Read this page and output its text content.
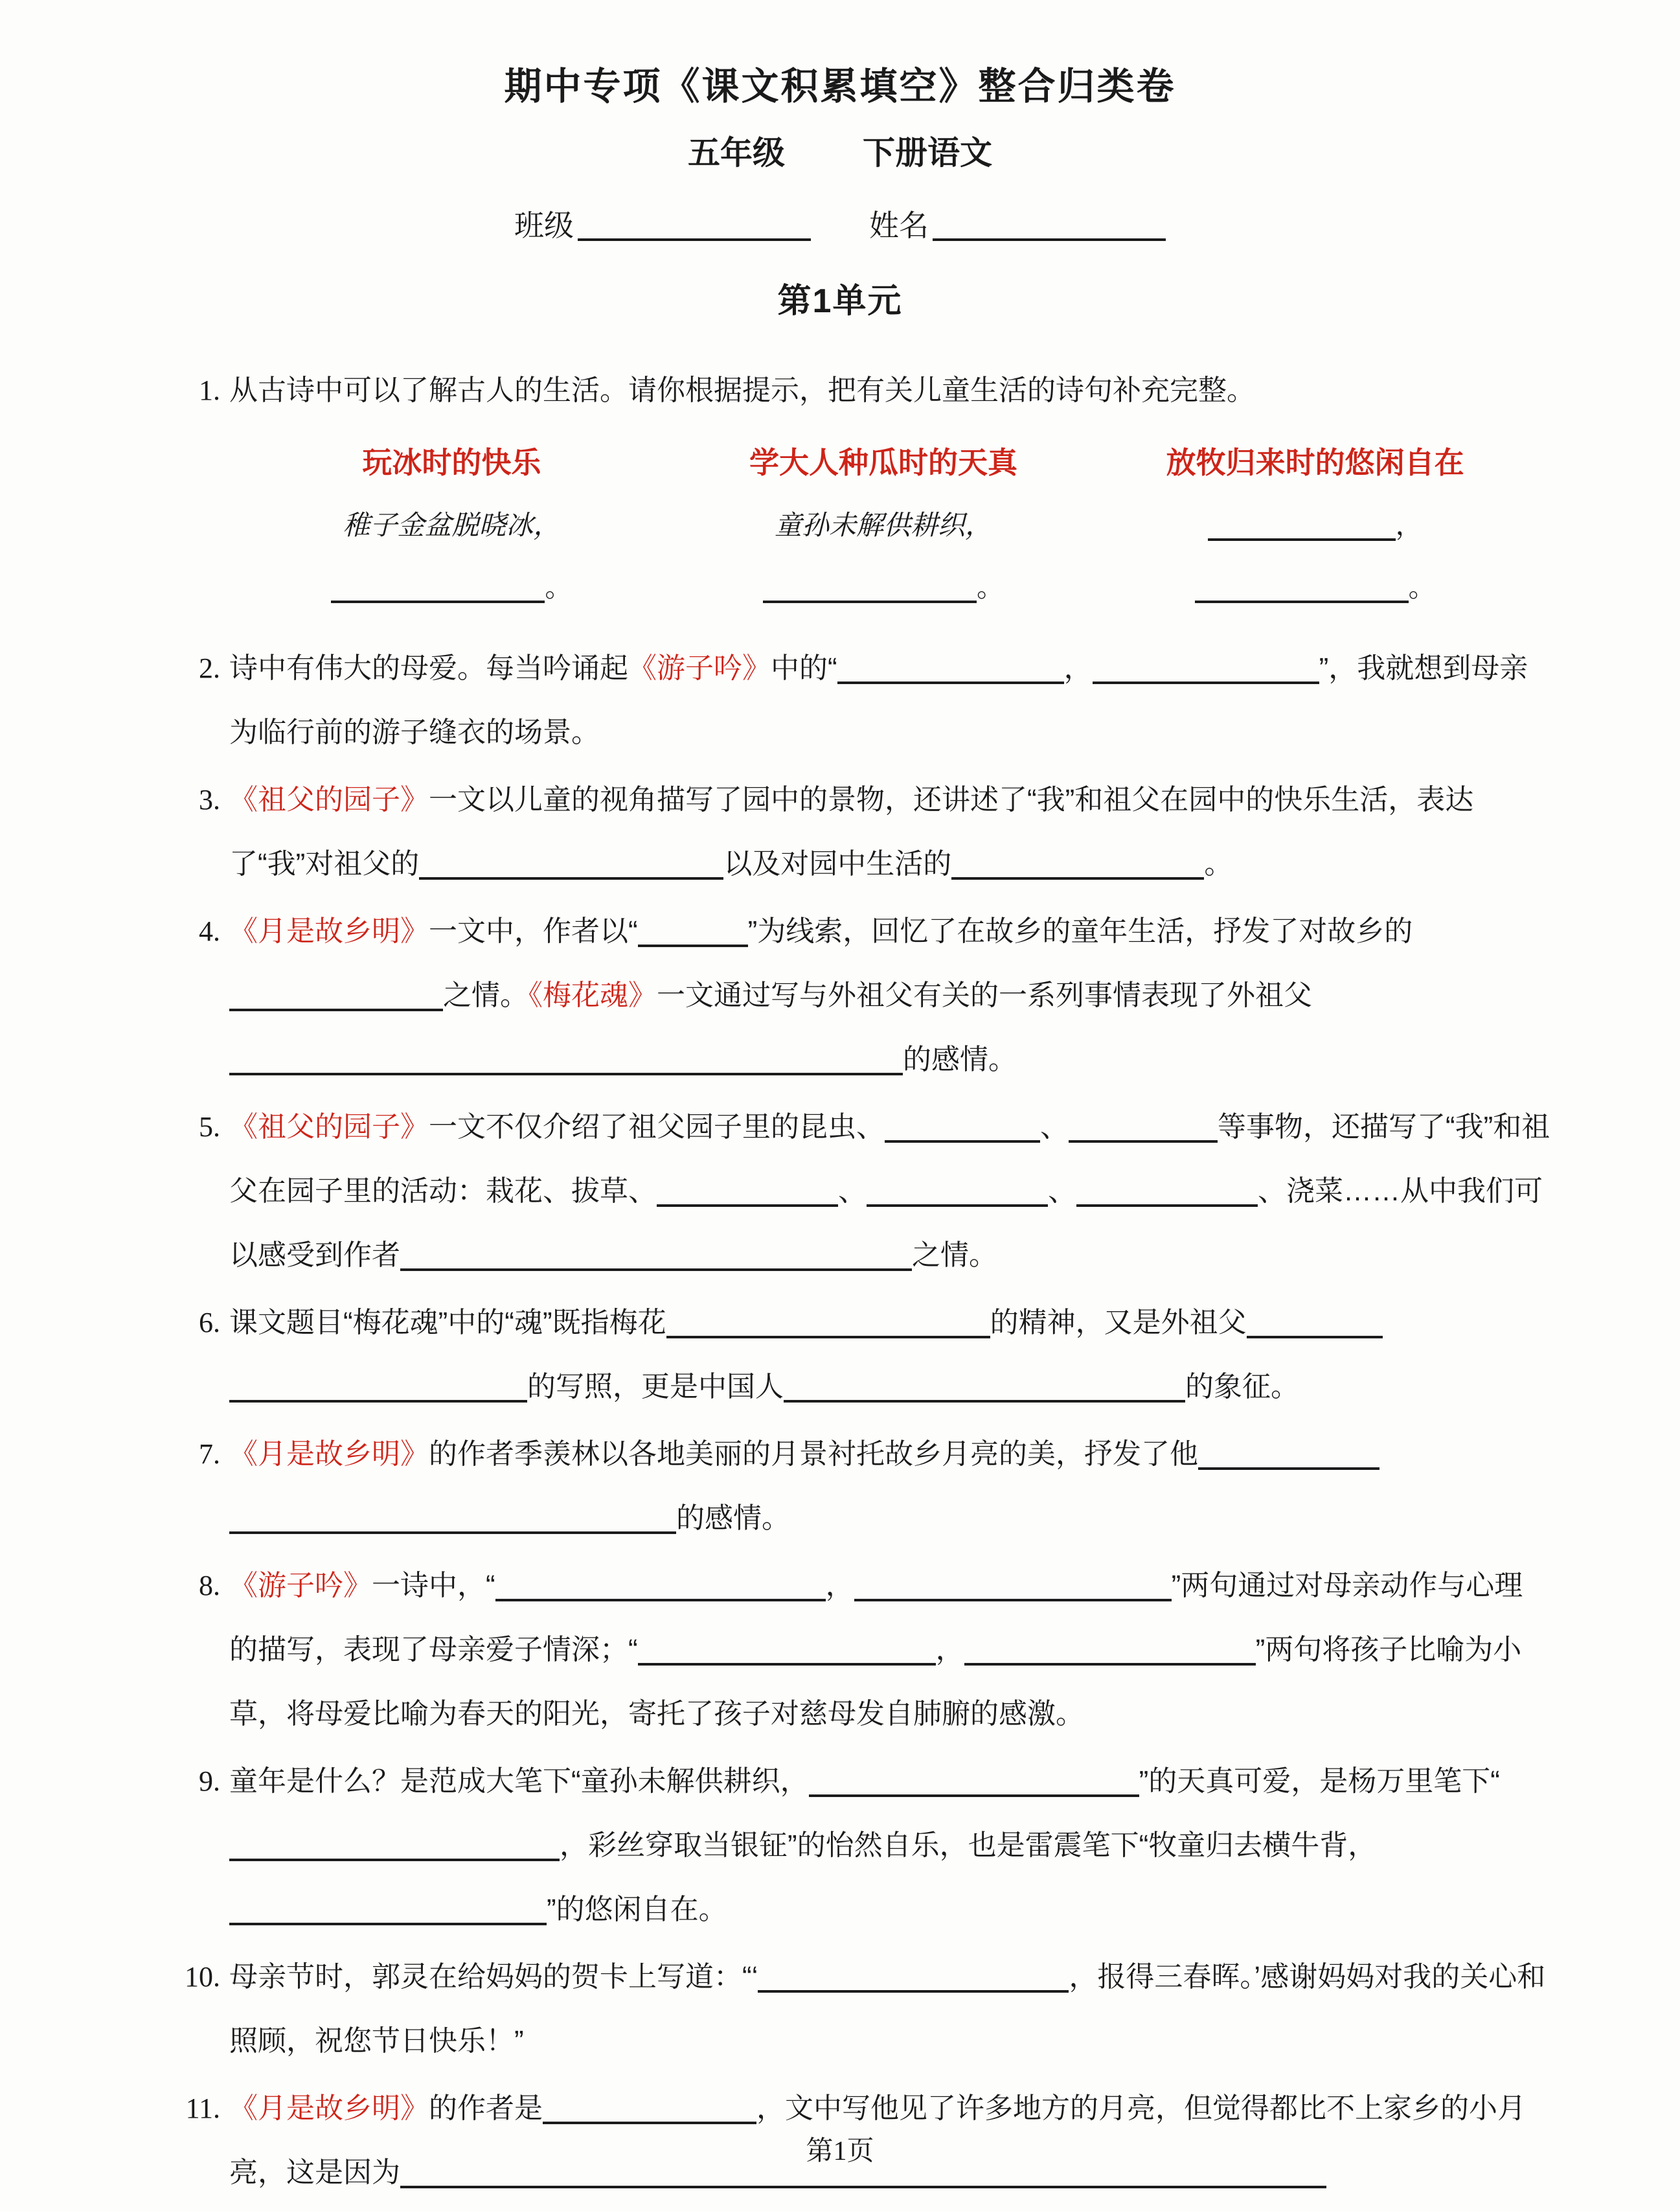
期中专项《课文积累填空》整合归类卷
五年级 下册语文
班级	姓名
第1单元
1. 从古诗中可以了解古人的生活。请你根据提示，把有关儿童生活的诗句补充完整。
玩冰时的快乐	学大人种瓜时的天真	放牧归来时的悠闲自在
稚子金盆脱晓冰，	童孙未解供耕织，	，
。	。	。
2. 诗中有伟大的母爱。每当吟诵起《游子吟》中的“	，	”，我就想到母亲为临行前的游子缝衣的场景。
3. 《祖父的园子》一文以儿童的视角描写了园中的景物，还讲述了“我”和祖父在园中的快乐生活，表达了“我”对祖父的	以及对园中生活的	。
4. 《月是故乡明》一文中，作者以“	”为线索，回忆了在故乡的童年生活，抒发了对故乡的之情。《梅花魂》一文通过写与外祖父有关的一系列事情表现了外祖父的感情。
5. 《祖父的园子》一文不仅介绍了祖父园子里的昆虫、	、	等事物，还描写了“我”和祖父在园子里的活动：栽花、拔草、	、	、	、浇菜……从中我们可以感受到作者	之情。
6. 课文题目“梅花魂”中的“魂”既指梅花	的精神，又是外祖父的写照，更是中国人	的象征。
7. 《月是故乡明》的作者季羡林以各地美丽的月景衬托故乡月亮的美，抒发了他的感情。
8. 《游子吟》一诗中，“	，	”两句通过对母亲动作与心理的描写，表现了母亲爱子情深；“	，	”两句将孩子比喻为小草，将母爱比喻为春天的阳光，寄托了孩子对慈母发自肺腑的感激。
9. 童年是什么？是范成大笔下“童孙未解供耕织，	”的天真可爱，是杨万里笔下“，彩丝穿取当银钲”的怡然自乐，也是雷震笔下“牧童归去横牛背，”的悠闲自在。
10. 母亲节时，郭灵在给妈妈的贺卡上写道：“‘	，报得三春晖。’感谢妈妈对我的关心和照顾，祝您节日快乐！”
11. 《月是故乡明》的作者是	，文中写他见了许多地方的月亮，但觉得都比不上家乡的小月亮，这是因为
第1页
